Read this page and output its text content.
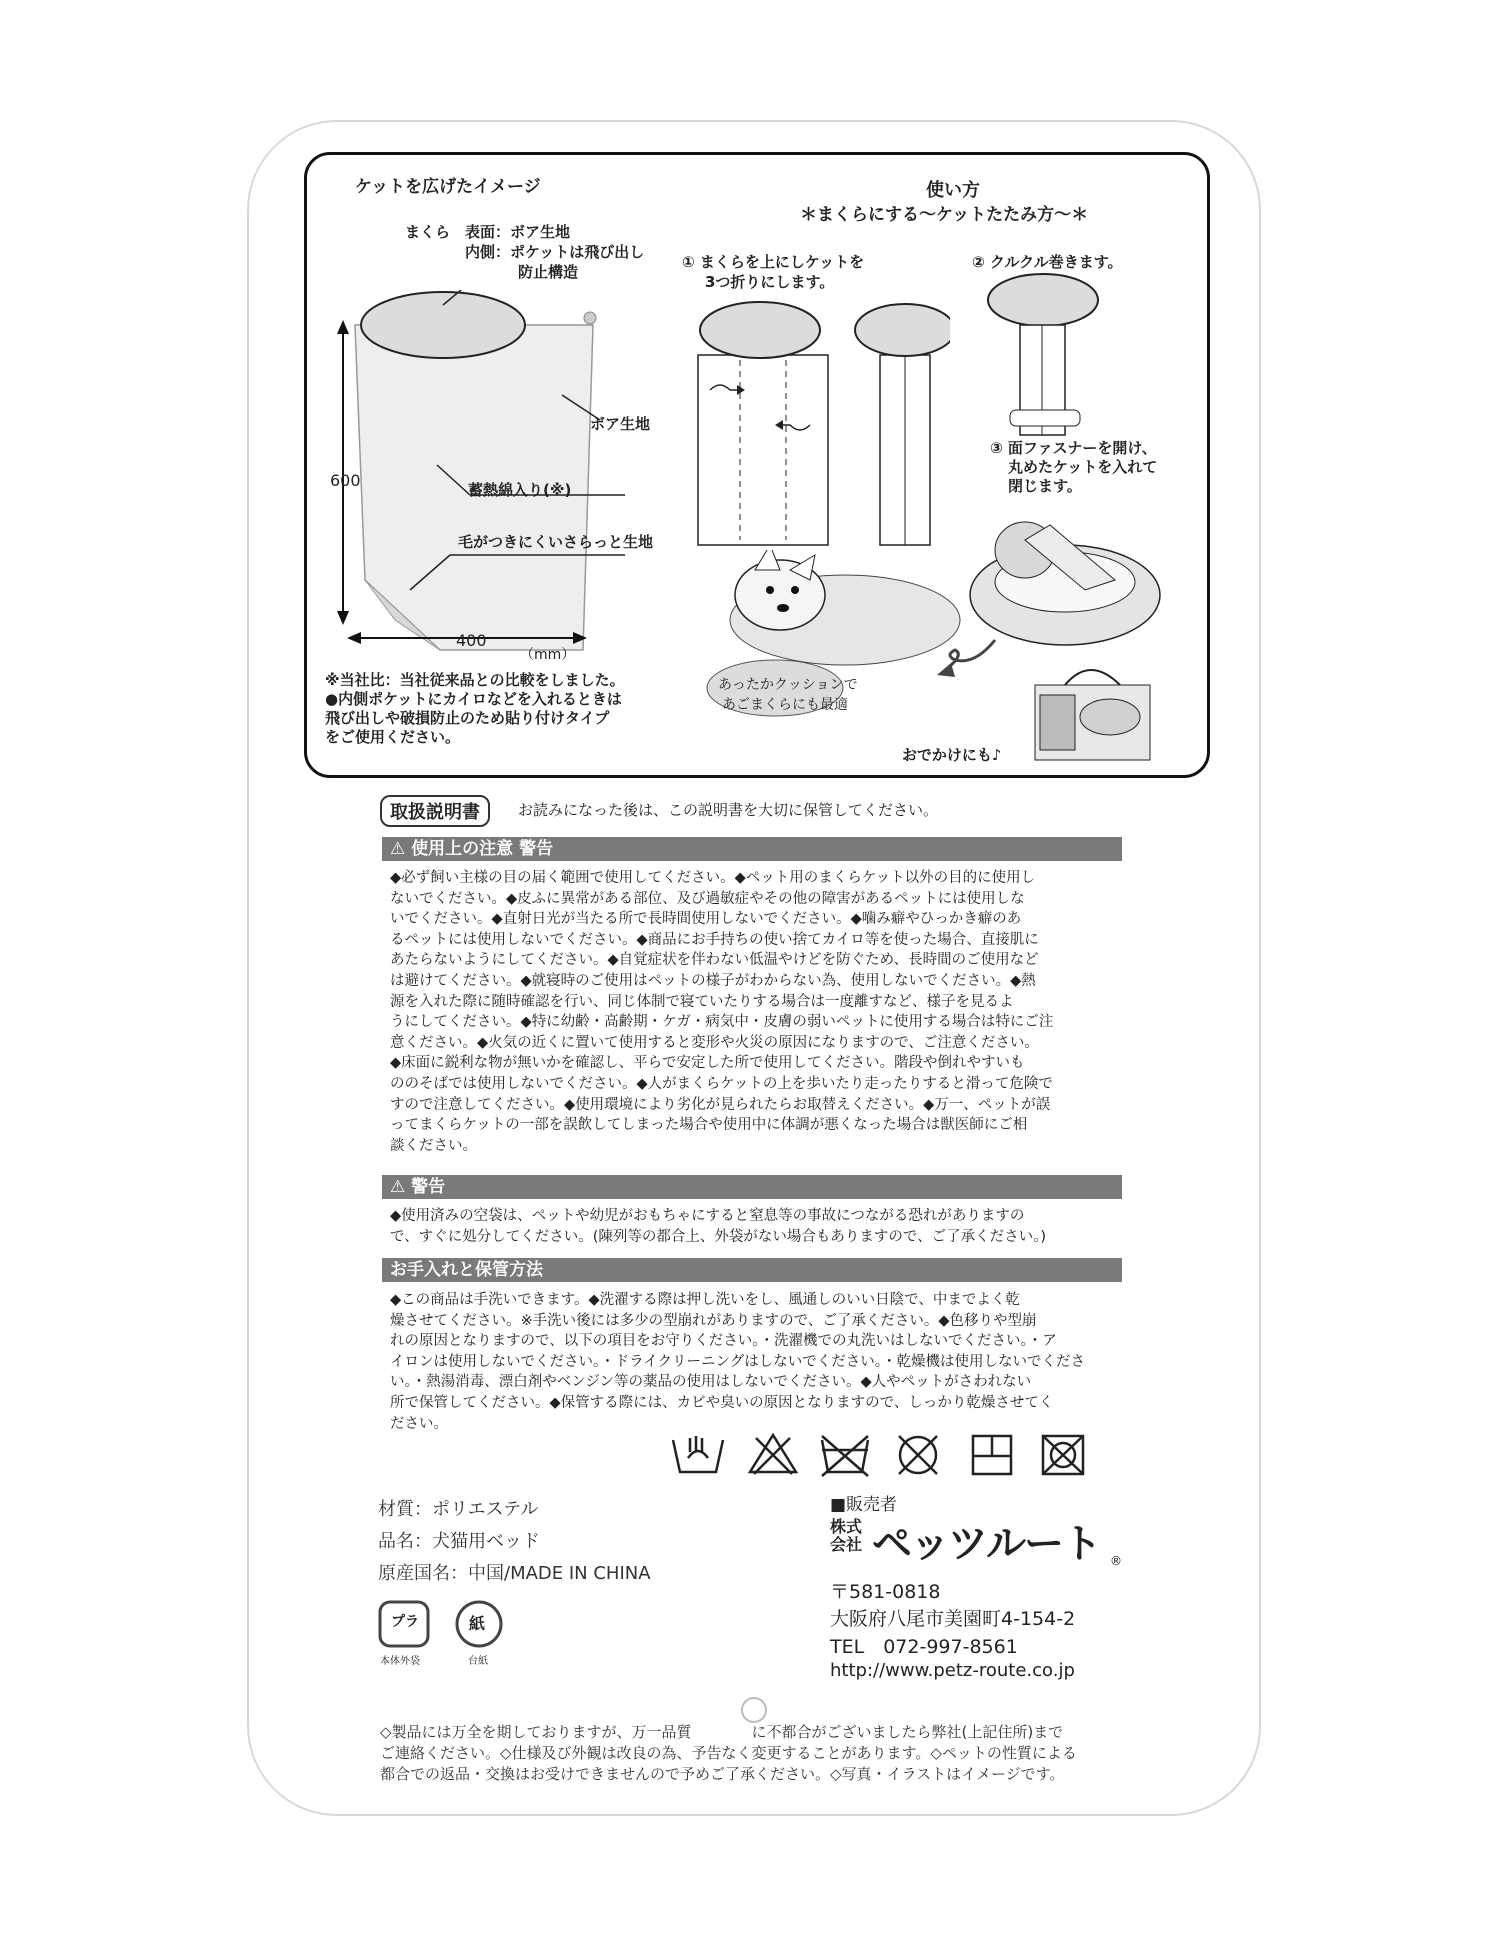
ケットを広げたイメージ
まくら 表面：ボア生地
内側：ポケットは飛び出し
防止構造
600
400
（mm）
ボア生地
蓄熱綿入り(※)
毛がつきにくいさらっと生地
※当社比：当社従来品との比較をしました。
●内側ポケットにカイロなどを入れるときは
飛び出しや破損防止のため貼り付けタイプ
をご使用ください。
使い方
＊まくらにする～ケットたたみ方～＊
① まくらを上にしケットを
3つ折りにします。
② クルクル巻きます。
③ 面ファスナーを開け、
丸めたケットを入れて
閉じます。
あったかクッションで
あごまくらにも最適
おでかけにも♪
取扱説明書	お読みになった後は、この説明書を大切に保管してください。
⚠ 使用上の注意 警告
◆必ず飼い主様の目の届く範囲で使用してください。◆ペット用のまくらケット以外の目的に使用し
ないでください。◆皮ふに異常がある部位、及び過敏症やその他の障害があるペットには使用しな
いでください。◆直射日光が当たる所で長時間使用しないでください。◆噛み癖やひっかき癖のあ
るペットには使用しないでください。◆商品にお手持ちの使い捨てカイロ等を使った場合、直接肌に
あたらないようにしてください。◆自覚症状を伴わない低温やけどを防ぐため、長時間のご使用など
は避けてください。◆就寝時のご使用はペットの様子がわからない為、使用しないでください。◆熱
源を入れた際に随時確認を行い、同じ体制で寝ていたりする場合は一度離すなど、様子を見るよ
うにしてください。◆特に幼齢・高齢期・ケガ・病気中・皮膚の弱いペットに使用する場合は特にご注
意ください。◆火気の近くに置いて使用すると変形や火災の原因になりますので、ご注意ください。
◆床面に鋭利な物が無いかを確認し、平らで安定した所で使用してください。階段や倒れやすいも
ののそばでは使用しないでください。◆人がまくらケットの上を歩いたり走ったりすると滑って危険で
すので注意してください。◆使用環境により劣化が見られたらお取替えください。◆万一、ペットが誤
ってまくらケットの一部を誤飲してしまった場合や使用中に体調が悪くなった場合は獣医師にご相
談ください。
⚠ 警告
◆使用済みの空袋は、ペットや幼児がおもちゃにすると窒息等の事故につながる恐れがありますの
で、すぐに処分してください。(陳列等の都合上、外袋がない場合もありますので、ご了承ください。)
お手入れと保管方法
◆この商品は手洗いできます。◆洗濯する際は押し洗いをし、風通しのいい日陰で、中までよく乾
燥させてください。※手洗い後には多少の型崩れがありますので、ご了承ください。◆色移りや型崩
れの原因となりますので、以下の項目をお守りください。・洗濯機での丸洗いはしないでください。・ア
イロンは使用しないでください。・ドライクリーニングはしないでください。・乾燥機は使用しないでくださ
い。・熱湯消毒、漂白剤やベンジン等の薬品の使用はしないでください。◆人やペットがさわれない
所で保管してください。◆保管する際には、カビや臭いの原因となりますので、しっかり乾燥させてく
ださい。
材質：ポリエステル
品名：犬猫用ベッド
原産国名：中国/MADE IN CHINA
プラ
本体外袋
紙
台紙
■販売者
株式
会社 ペッツルート ®
〒581-0818
大阪府八尾市美園町4-154-2
TEL　072-997-8561
http://www.petz-route.co.jp
◇製品には万全を期しておりますが、万一品質　　　　に不都合がございましたら弊社(上記住所)まで
ご連絡ください。◇仕様及び外観は改良の為、予告なく変更することがあります。◇ペットの性質による
都合での返品・交換はお受けできませんので予めご了承ください。◇写真・イラストはイメージです。
